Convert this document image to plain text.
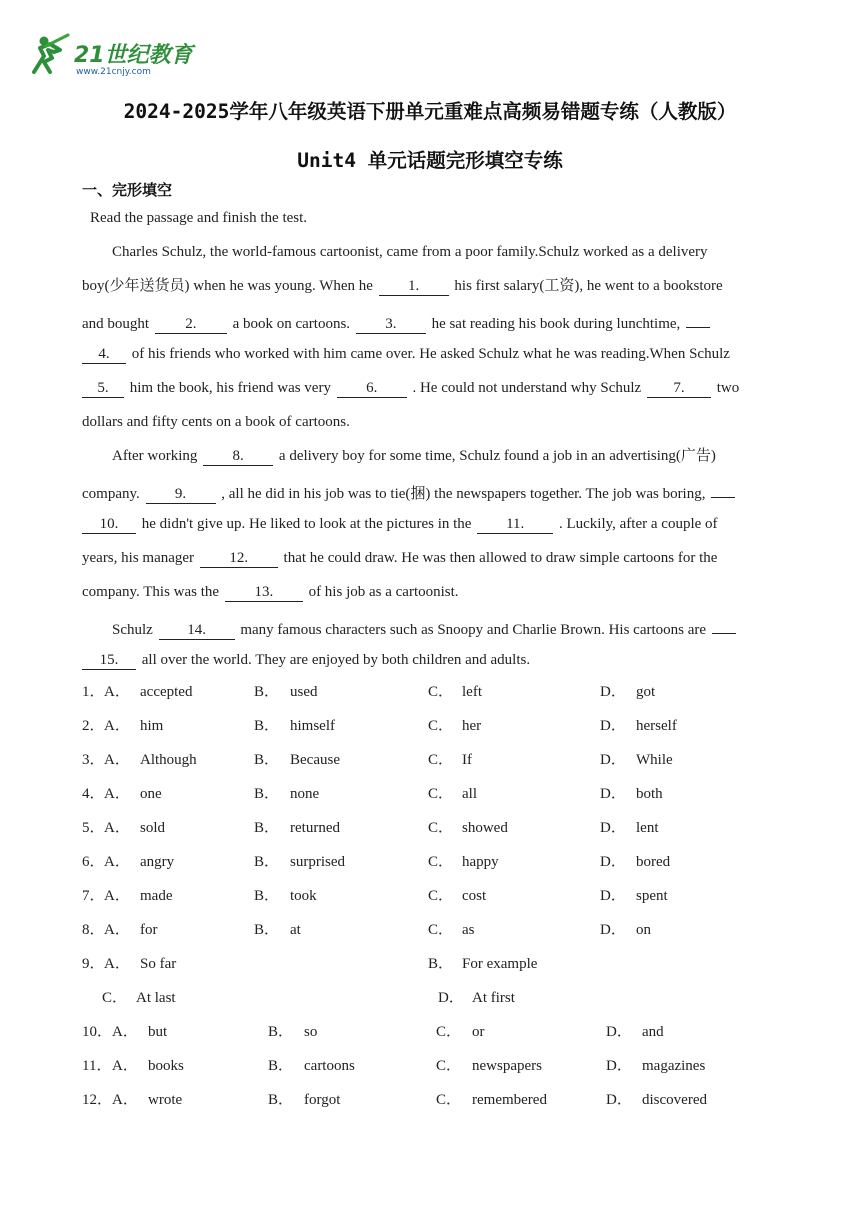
21世纪教育
www.21cnjy.com
2024-2025学年八年级英语下册单元重难点高频易错题专练（人教版）
Unit4 单元话题完形填空专练
一、完形填空
Read the passage and finish the test.
Charles Schulz, the world-famous cartoonist, came from a poor family.Schulz worked as a delivery
boy(少年送货员) when he was young. When he 1. his first salary(工资), he went to a bookstore
and bought 2. a book on cartoons. 3. he sat reading his book during lunchtime,
4. of his friends who worked with him came over. He asked Schulz what he was reading.When Schulz
5. him the book, his friend was very 6. . He could not understand why Schulz 7. two
dollars and fifty cents on a book of cartoons.
After working 8. a delivery boy for some time, Schulz found a job in an advertising(广告)
company. 9. , all he did in his job was to tie(捆) the newspapers together. The job was boring,
10. he didn't give up. He liked to look at the pictures in the 11. . Luckily, after a couple of
years, his manager 12. that he could draw. He was then allowed to draw simple cartoons for the
company. This was the 13. of his job as a cartoonist.
Schulz 14. many famous characters such as Snoopy and Charlie Brown. His cartoons are
15. all over the world. They are enjoyed by both children and adults.
1． A． accepted	B． used	C． left	D． got
2． A． him	B． himself	C． her	D． herself
3． A． Although	B． Because	C． If	D． While
4． A． one	B． none	C． all	D． both
5． A． sold	B． returned	C． showed	D． lent
6． A． angry	B． surprised	C． happy	D． bored
7． A． made	B． took	C． cost	D． spent
8． A． for	B． at	C． as	D． on
9． A． So far	B． For example
C． At last	D． At first
10． A． but	B． so	C． or	D． and
11． A． books	B． cartoons	C． newspapers	D． magazines
12． A． wrote	B． forgot	C． remembered	D． discovered
